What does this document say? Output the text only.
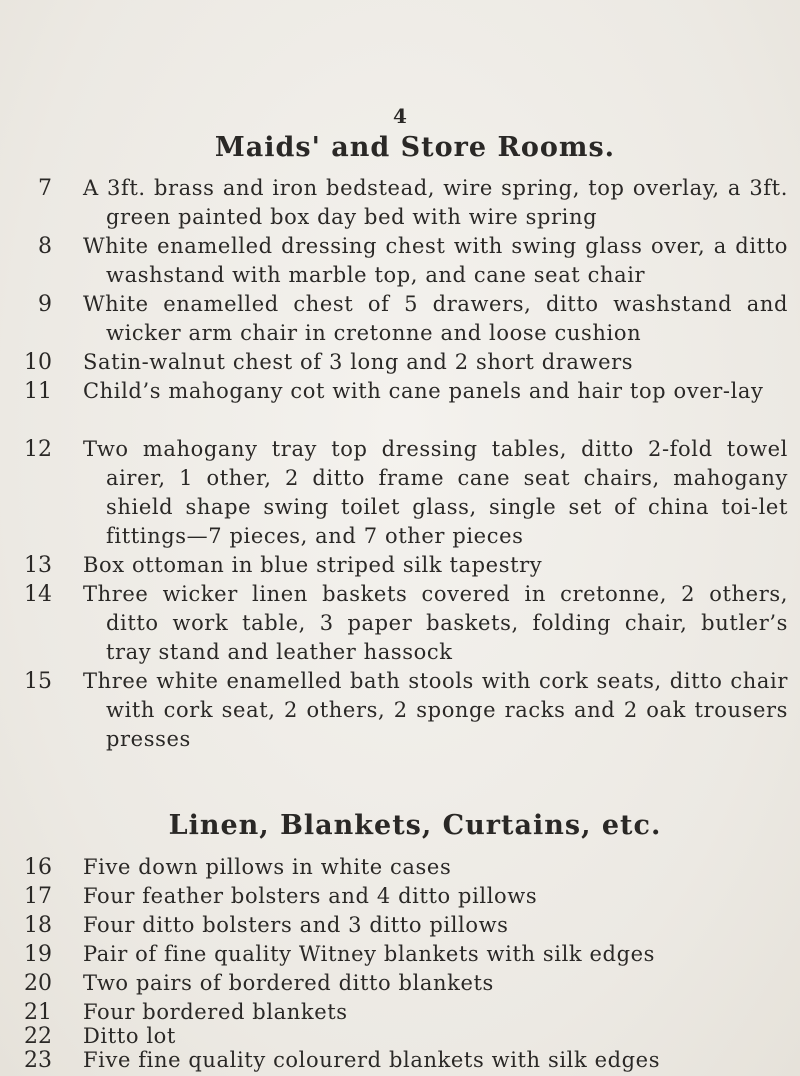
4
Maids' and Store Rooms.
7 A 3ft. brass and iron bedstead, wire spring, top overlay, a 3ft. green painted box day bed with wire spring
8 White enamelled dressing chest with swing glass over, a ditto washstand with marble top, and cane seat chair
9 White enamelled chest of 5 drawers, ditto washstand and wicker arm chair in cretonne and loose cushion
10 Satin-walnut chest of 3 long and 2 short drawers
11 Child’s mahogany cot with cane panels and hair top over-lay
12 Two mahogany tray top dressing tables, ditto 2-fold towel airer, 1 other, 2 ditto frame cane seat chairs, mahogany shield shape swing toilet glass, single set of china toi-let fittings—7 pieces, and 7 other pieces
13 Box ottoman in blue striped silk tapestry
14 Three wicker linen baskets covered in cretonne, 2 others, ditto work table, 3 paper baskets, folding chair, butler’s tray stand and leather hassock
15 Three white enamelled bath stools with cork seats, ditto chair with cork seat, 2 others, 2 sponge racks and 2 oak trousers presses
Linen, Blankets, Curtains, etc.
16 Five down pillows in white cases
17 Four feather bolsters and 4 ditto pillows
18 Four ditto bolsters and 3 ditto pillows
19 Pair of fine quality Witney blankets with silk edges
20 Two pairs of bordered ditto blankets
21 Four bordered blankets
22 Ditto lot
23 Five fine quality colourerd blankets with silk edges
